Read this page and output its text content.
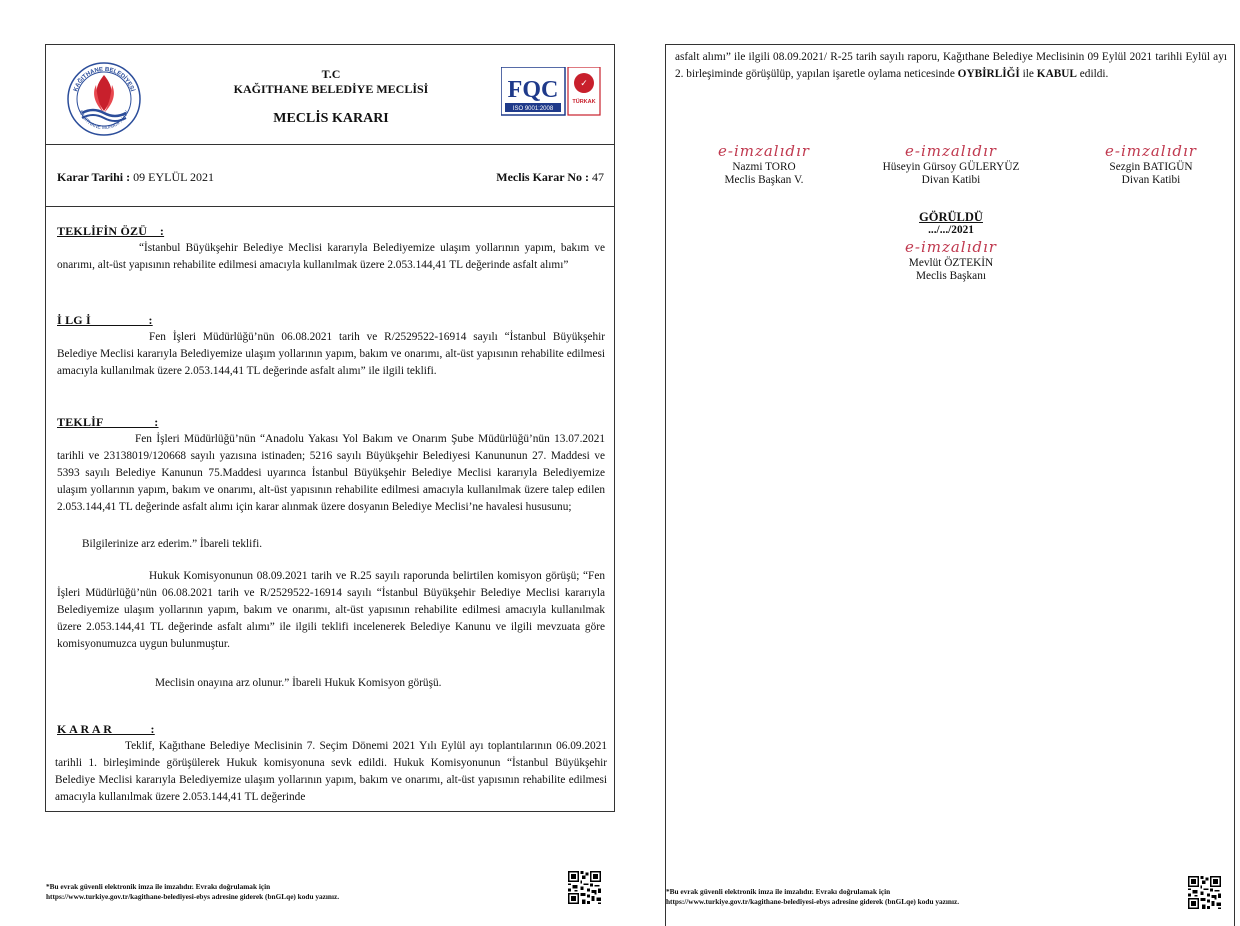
KAĞITHANE BELEDİYESİ
KAĞITHANE MUNICIPALITY
T.C
KAĞITHANE BELEDİYE MECLİSİ
MECLİS KARARI
FQC
ISO 9001:2008
✓
TÜRKAK
Karar Tarihi : 09 EYLÜL 2021	Meclis Karar No : 47
TEKLİFİN ÖZÜ    :
“İstanbul Büyükşehir Belediye Meclisi kararıyla Belediyemize ulaşım yollarının yapım, bakım ve onarımı, alt-üst yapısının rehabilite edilmesi amacıyla kullanılmak üzere 2.053.144,41 TL değerinde asfalt alımı”
İ LG İ                  :
Fen İşleri Müdürlüğü’nün 06.08.2021 tarih ve R/2529522-16914 sayılı “İstanbul Büyükşehir Belediye Meclisi kararıyla Belediyemize ulaşım yollarının yapım, bakım ve onarımı, alt-üst yapısının rehabilite edilmesi amacıyla kullanılmak üzere 2.053.144,41 TL değerinde asfalt alımı” ile ilgili teklifi.
TEKLİF                :
Fen İşleri Müdürlüğü’nün “Anadolu Yakası Yol Bakım ve Onarım Şube Müdürlüğü’nün 13.07.2021 tarihli ve 23138019/120668 sayılı yazısına istinaden; 5216 sayılı Büyükşehir Belediyesi Kanununun 27. Maddesi ve 5393 sayılı Belediye Kanunun 75.Maddesi uyarınca İstanbul Büyükşehir Belediye Meclisi kararıyla Belediyemize ulaşım yollarının yapım, bakım ve onarımı, alt-üst yapısının rehabilite edilmesi amacıyla kullanılmak üzere talep edilen 2.053.144,41 TL değerinde asfalt alımı için karar alınmak üzere dosyanın Belediye Meclisi’ne havalesi hususunu;
Bilgilerinize arz ederim.” İbareli teklifi.
Hukuk Komisyonunun 08.09.2021 tarih ve R.25 sayılı raporunda belirtilen komisyon görüşü; “Fen İşleri Müdürlüğü’nün 06.08.2021 tarih ve R/2529522-16914 sayılı “İstanbul Büyükşehir Belediye Meclisi kararıyla Belediyemize ulaşım yollarının yapım, bakım ve onarımı, alt-üst yapısının rehabilite edilmesi amacıyla kullanılmak üzere 2.053.144,41 TL değerinde asfalt alımı” ile ilgili teklifi incelenerek Belediye Kanunu ve ilgili mevzuata göre komisyonumuzca uygun bulunmuştur.
Meclisin onayına arz olunur.” İbareli Hukuk Komisyon görüşü.
K A R A R            :
Teklif, Kağıthane Belediye Meclisinin 7. Seçim Dönemi 2021 Yılı Eylül ayı toplantılarının 06.09.2021 tarihli 1. birleşiminde görüşülerek Hukuk komisyonuna sevk edildi. Hukuk Komisyonunun “İstanbul Büyükşehir Belediye Meclisi kararıyla Belediyemize ulaşım yollarının yapım, bakım ve onarımı, alt-üst yapısının rehabilite edilmesi amacıyla kullanılmak üzere 2.053.144,41 TL değerinde
*Bu evrak güvenli elektronik imza ile imzalıdır. Evrakı doğrulamak için
https://www.turkiye.gov.tr/kagithane-belediyesi-ebys adresine giderek (bnGLqe) kodu yazınız.
asfalt alımı” ile ilgili 08.09.2021/ R-25 tarih sayılı raporu, Kağıthane Belediye Meclisinin 09 Eylül 2021 tarihli Eylül ayı 2. birleşiminde görüşülüp, yapılan işaretle oylama neticesinde OYBİRLİĞİ ile KABUL edildi.
e-imzalıdır
Nazmi TORO
Meclis Başkan V.
e-imzalıdır
Hüseyin Gürsoy GÜLERYÜZ
Divan Katibi
e-imzalıdır
Sezgin BATIGÜN
Divan Katibi
GÖRÜLDÜ
.../.../2021
e-imzalıdır
Mevlüt ÖZTEKİN
Meclis Başkanı
*Bu evrak güvenli elektronik imza ile imzalıdır. Evrakı doğrulamak için
https://www.turkiye.gov.tr/kagithane-belediyesi-ebys adresine giderek (bnGLqe) kodu yazınız.
